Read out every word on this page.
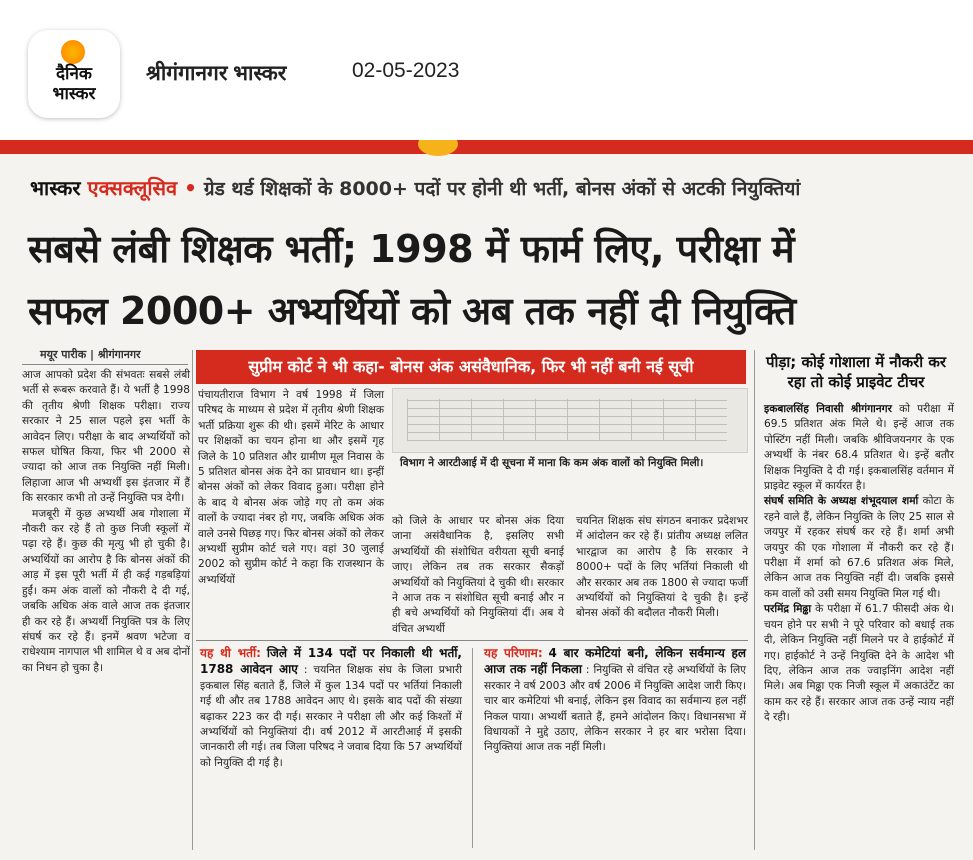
दैनिक
भास्कर
श्रीगंगानगर भास्कर	02-05-2023
भास्कर एक्सक्लूसिव • ग्रेड थर्ड शिक्षकों के 8000+ पदों पर होनी थी भर्ती, बोनस अंकों से अटकी नियुक्तियां
सबसे लंबी शिक्षक भर्ती; 1998 में फार्म लिए, परीक्षा में
सफल 2000+ अभ्यर्थियों को अब तक नहीं दी नियुक्ति
मयूर पारीक | श्रीगंगानगर

आज आपको प्रदेश की संभवतः सबसे लंबी भर्ती से रूबरू करवाते हैं। ये भर्ती है 1998 की तृतीय श्रेणी शिक्षक परीक्षा। राज्य सरकार ने 25 साल पहले इस भर्ती के आवेदन लिए। परीक्षा के बाद अभ्यर्थियों को सफल घोषित किया, फिर भी 2000 से ज्यादा को आज तक नियुक्ति नहीं मिली। लिहाजा आज भी अभ्यर्थी इस इंतजार में हैं कि सरकार कभी तो उन्हें नियुक्ति पत्र देगी।

मजबूरी में कुछ अभ्यर्थी अब गोशाला में नौकरी कर रहे हैं तो कुछ निजी स्कूलों में पढ़ा रहे हैं। कुछ की मृत्यु भी हो चुकी है। अभ्यर्थियों का आरोप है कि बोनस अंकों की आड़ में इस पूरी भर्ती में ही कई गड़बड़ियां हुईं। कम अंक वालों को नौकरी दे दी गई, जबकि अधिक अंक वाले आज तक इंतजार ही कर रहे हैं। अभ्यर्थी नियुक्ति पत्र के लिए संघर्ष कर रहे हैं। इनमें श्रवण भटेजा व राधेश्याम नागपाल भी शामिल थे व अब दोनों का निधन हो चुका है।

सुप्रीम कोर्ट ने भी कहा- बोनस अंक असंवैधानिक, फिर भी नहीं बनी नई सूची

पंचायतीराज विभाग ने वर्ष 1998 में जिला परिषद के माध्यम से प्रदेश में तृतीय श्रेणी शिक्षक भर्ती प्रक्रिया शुरू की थी। इसमें मेरिट के आधार पर शिक्षकों का चयन होना था और इसमें गृह जिले के 10 प्रतिशत और ग्रामीण मूल निवास के 5 प्रतिशत बोनस अंक देने का प्रावधान था। इन्हीं बोनस अंकों को लेकर विवाद हुआ। परीक्षा होने के बाद ये बोनस अंक जोड़े गए तो कम अंक वालों के ज्यादा नंबर हो गए, जबकि अधिक अंक वाले उनसे पिछड़ गए। फिर बोनस अंकों को लेकर अभ्यर्थी सुप्रीम कोर्ट चले गए। वहां 30 जुलाई 2002 को सुप्रीम कोर्ट ने कहा कि राजस्थान के अभ्यर्थियों

विभाग ने आरटीआई में दी सूचना में माना कि कम अंक वालों को नियुक्ति मिली।

को जिले के आधार पर बोनस अंक दिया जाना असंवैधानिक है, इसलिए सभी अभ्यर्थियों की संशोधित वरीयता सूची बनाई जाए। लेकिन तब तक सरकार सैकड़ों अभ्यर्थियों को नियुक्तियां दे चुकी थी। सरकार ने आज तक न संशोधित सूची बनाई और न ही बचे अभ्यर्थियों को नियुक्तियां दीं। अब ये वंचित अभ्यर्थी

चयनित शिक्षक संघ संगठन बनाकर प्रदेशभर में आंदोलन कर रहे हैं। प्रांतीय अध्यक्ष ललित भारद्वाज का आरोप है कि सरकार ने 8000+ पदों के लिए भर्तियां निकाली थी और सरकार अब तक 1800 से ज्यादा फर्जी अभ्यर्थियों को नियुक्तियां दे चुकी है। इन्हें बोनस अंकों की बदौलत नौकरी मिली।

यह थी भर्ती: जिले में 134 पदों पर निकाली थी भर्ती, 1788 आवेदन आए : चयनित शिक्षक संघ के जिला प्रभारी इकबाल सिंह बताते हैं, जिले में कुल 134 पदों पर भर्तियां निकाली गई थी और तब 1788 आवेदन आए थे। इसके बाद पदों की संख्या बढ़ाकर 223 कर दी गई। सरकार ने परीक्षा ली और कई किश्तों में अभ्यर्थियों को नियुक्तियां दी। वर्ष 2012 में आरटीआई में इसकी जानकारी ली गई। तब जिला परिषद ने जवाब दिया कि 57 अभ्यर्थियों को नियुक्ति दी गई है।

यह परिणाम: 4 बार कमेटियां बनी, लेकिन सर्वमान्य हल आज तक नहीं निकला : नियुक्ति से वंचित रहे अभ्यर्थियों के लिए सरकार ने वर्ष 2003 और वर्ष 2006 में नियुक्ति आदेश जारी किए। चार बार कमेटियां भी बनाई, लेकिन इस विवाद का सर्वमान्य हल नहीं निकल पाया। अभ्यर्थी बताते हैं, हमने आंदोलन किए। विधानसभा में विधायकों ने मुद्दे उठाए, लेकिन सरकार ने हर बार भरोसा दिया। नियुक्तियां आज तक नहीं मिली।

पीड़ा; कोई गोशाला में नौकरी कर रहा तो कोई प्राइवेट टीचर

इकबालसिंह निवासी श्रीगंगानगर को परीक्षा में 69.5 प्रतिशत अंक मिले थे। इन्हें आज तक पोस्टिंग नहीं मिली। जबकि श्रीविजयनगर के एक अभ्यर्थी के नंबर 68.4 प्रतिशत थे। इन्हें बतौर शिक्षक नियुक्ति दे दी गई। इकबालसिंह वर्तमान में प्राइवेट स्कूल में कार्यरत है।

संघर्ष समिति के अध्यक्ष शंभूदयाल शर्मा कोटा के रहने वाले हैं, लेकिन नियुक्ति के लिए 25 साल से जयपुर में रहकर संघर्ष कर रहे हैं। शर्मा अभी जयपुर की एक गोशाला में नौकरी कर रहे हैं। परीक्षा में शर्मा को 67.6 प्रतिशत अंक मिले, लेकिन आज तक नियुक्ति नहीं दी। जबकि इससे कम वालों को उसी समय नियुक्ति मिल गई थी।

परमिंद्र मिढ्ढा के परीक्षा में 61.7 फीसदी अंक थे। चयन होने पर सभी ने पूरे परिवार को बधाई तक दी, लेकिन नियुक्ति नहीं मिलने पर वे हाईकोर्ट में गए। हाईकोर्ट ने उन्हें नियुक्ति देने के आदेश भी दिए, लेकिन आज तक ज्वाइनिंग आदेश नहीं मिले। अब मिढ्ढा एक निजी स्कूल में अकाउंटेंट का काम कर रहे हैं। सरकार आज तक उन्हें न्याय नहीं दे रही।
